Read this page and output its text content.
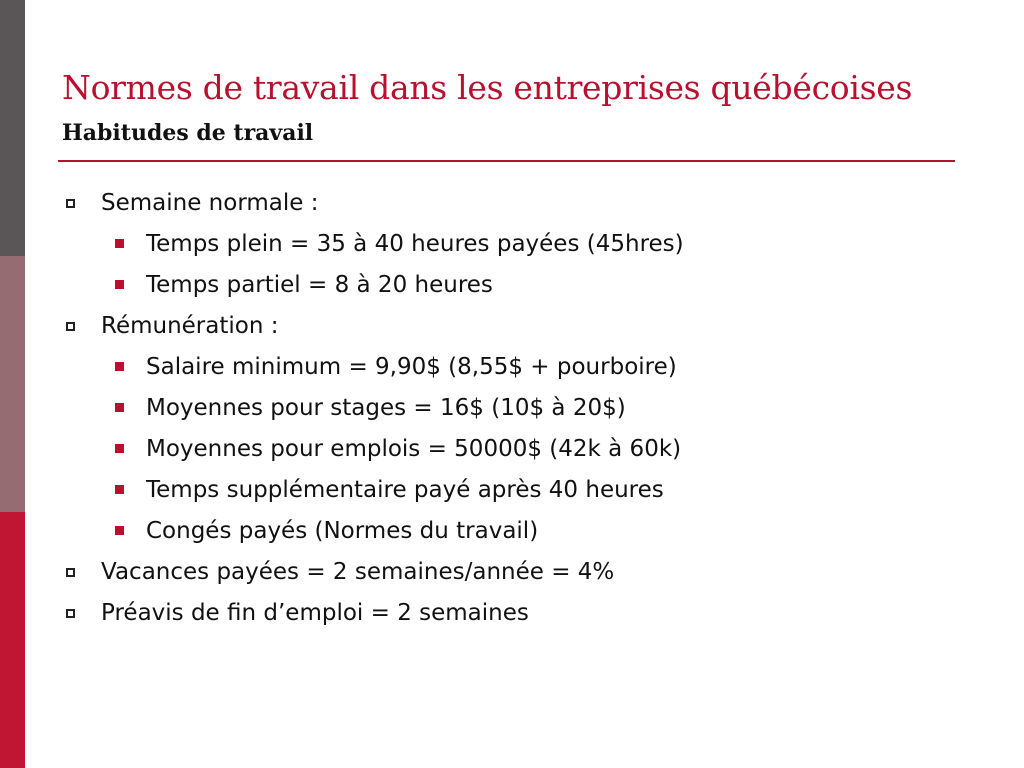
Normes de travail dans les entreprises québécoises
Habitudes de travail
Semaine normale :
Temps plein = 35 à 40 heures payées (45hres)
Temps partiel = 8 à 20 heures
Rémunération :
Salaire minimum = 9,90$ (8,55$ + pourboire)
Moyennes pour stages = 16$ (10$ à 20$)
Moyennes pour emplois = 50000$ (42k à 60k)
Temps supplémentaire payé après 40 heures
Congés payés (Normes du travail)
Vacances payées = 2 semaines/année = 4%
Préavis de fin d’emploi = 2 semaines
